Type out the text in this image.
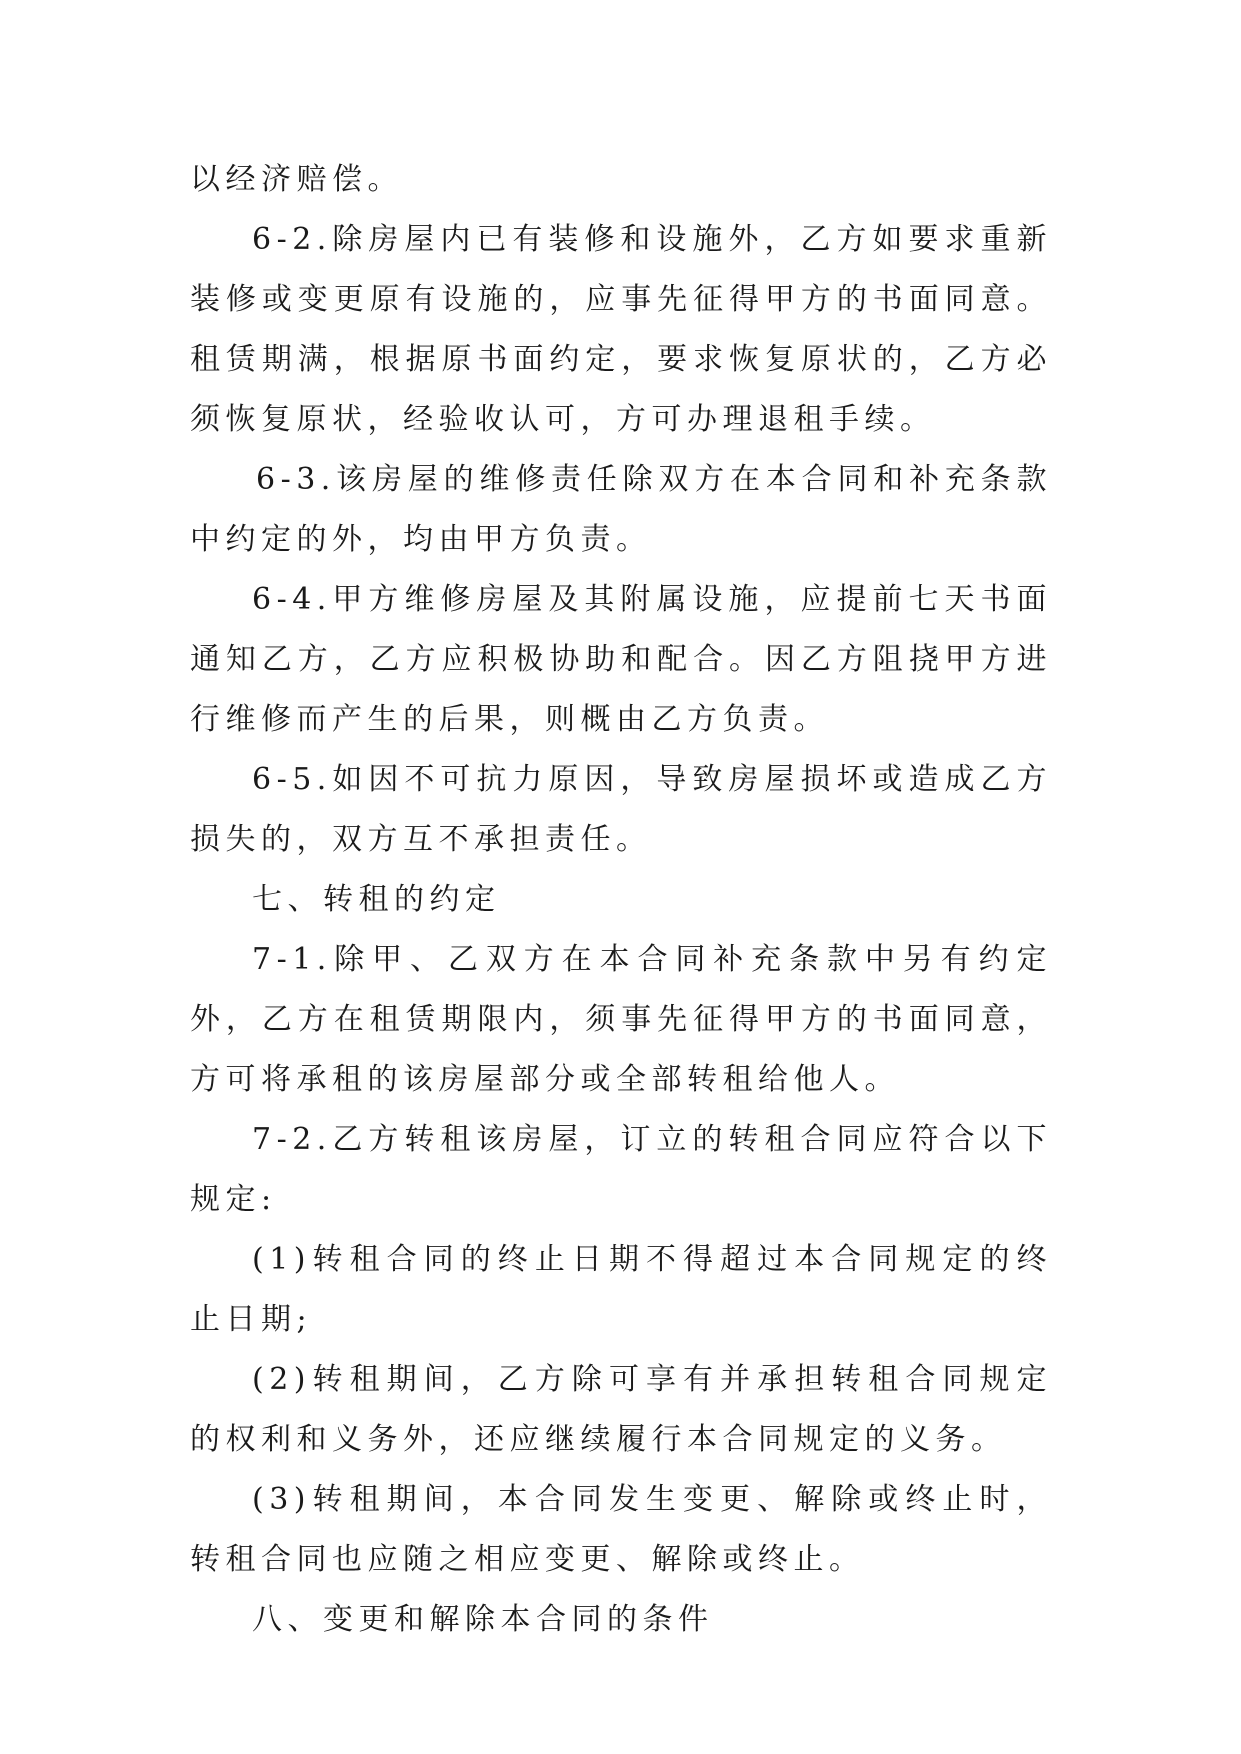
以经济赔偿。

6-2.除房屋内已有装修和设施外，乙方如要求重新装修或变更原有设施的，应事先征得甲方的书面同意。租赁期满，根据原书面约定，要求恢复原状的，乙方必须恢复原状，经验收认可，方可办理退租手续。

6-3.该房屋的维修责任除双方在本合同和补充条款中约定的外，均由甲方负责。

6-4.甲方维修房屋及其附属设施，应提前七天书面通知乙方，乙方应积极协助和配合。因乙方阻挠甲方进行维修而产生的后果，则概由乙方负责。

6-5.如因不可抗力原因，导致房屋损坏或造成乙方损失的，双方互不承担责任。

七、转租的约定

7-1.除甲、乙双方在本合同补充条款中另有约定外，乙方在租赁期限内，须事先征得甲方的书面同意，方可将承租的该房屋部分或全部转租给他人。

7-2.乙方转租该房屋，订立的转租合同应符合以下规定:

(1)转租合同的终止日期不得超过本合同规定的终止日期;

(2)转租期间，乙方除可享有并承担转租合同规定的权利和义务外，还应继续履行本合同规定的义务。

(3)转租期间，本合同发生变更、解除或终止时，转租合同也应随之相应变更、解除或终止。

八、变更和解除本合同的条件
